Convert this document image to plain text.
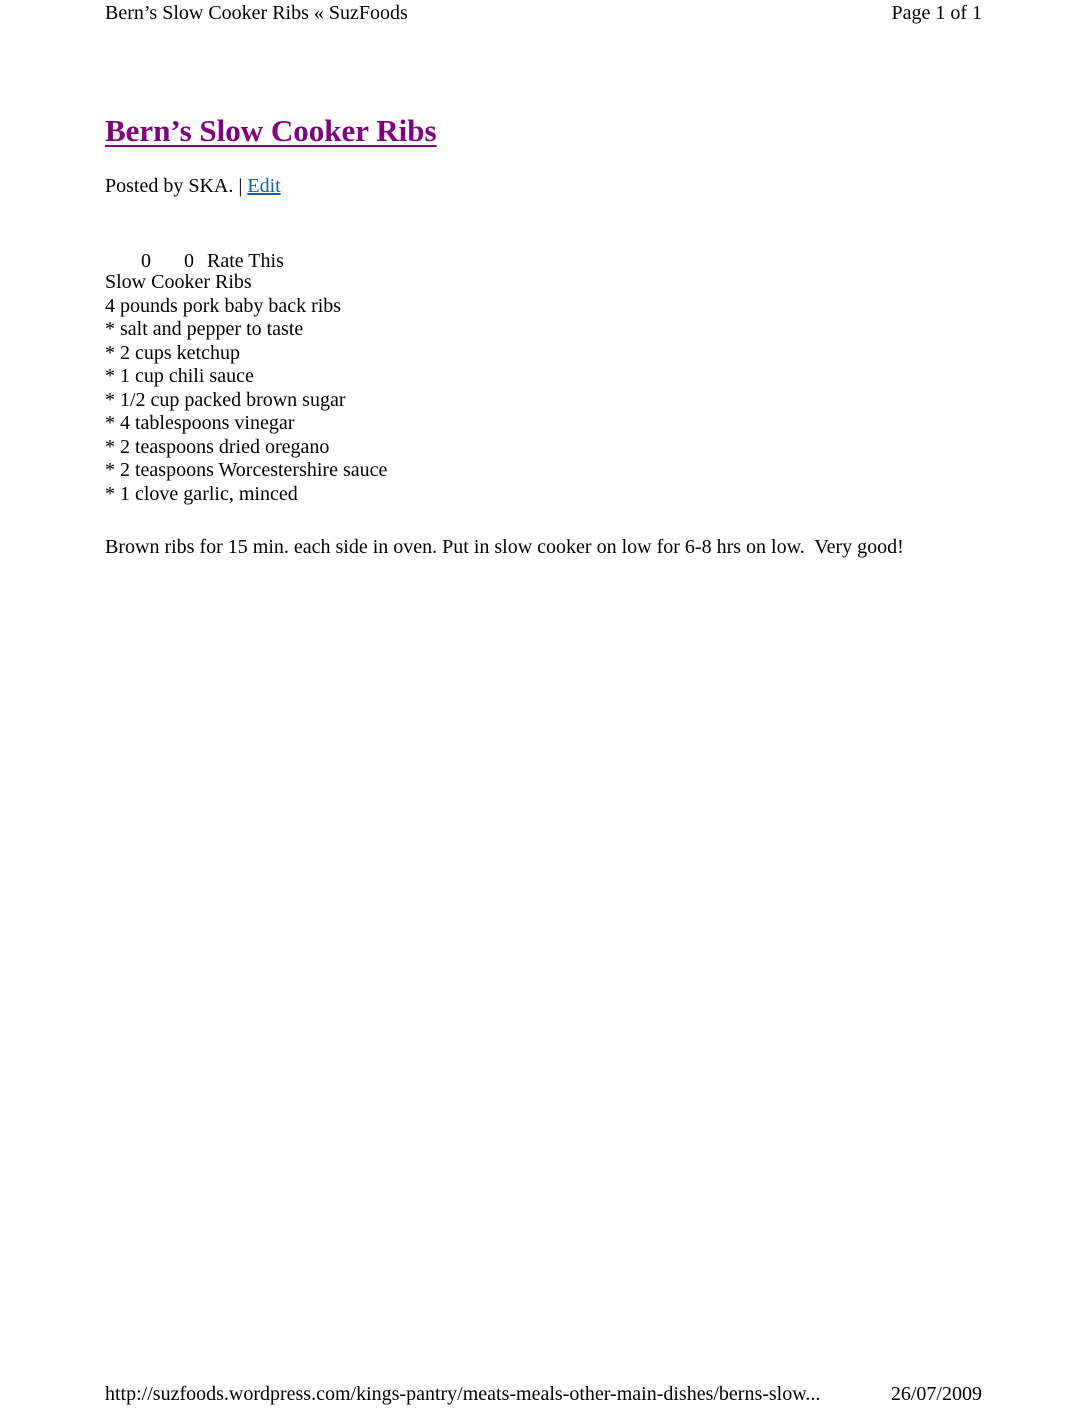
Bern’s Slow Cooker Ribs « SuzFoods	Page 1 of 1
Bern’s Slow Cooker Ribs
Posted by SKA. | Edit

0 0 Rate This

Slow Cooker Ribs
4 pounds pork baby back ribs
* salt and pepper to taste
* 2 cups ketchup
* 1 cup chili sauce
* 1/2 cup packed brown sugar
* 4 tablespoons vinegar
* 2 teaspoons dried oregano
* 2 teaspoons Worcestershire sauce
* 1 clove garlic, minced

Brown ribs for 15 min. each side in oven. Put in slow cooker on low for 6-8 hrs on low.  Very good!

http://suzfoods.wordpress.com/kings-pantry/meats-meals-other-main-dishes/berns-slow...	26/07/2009
